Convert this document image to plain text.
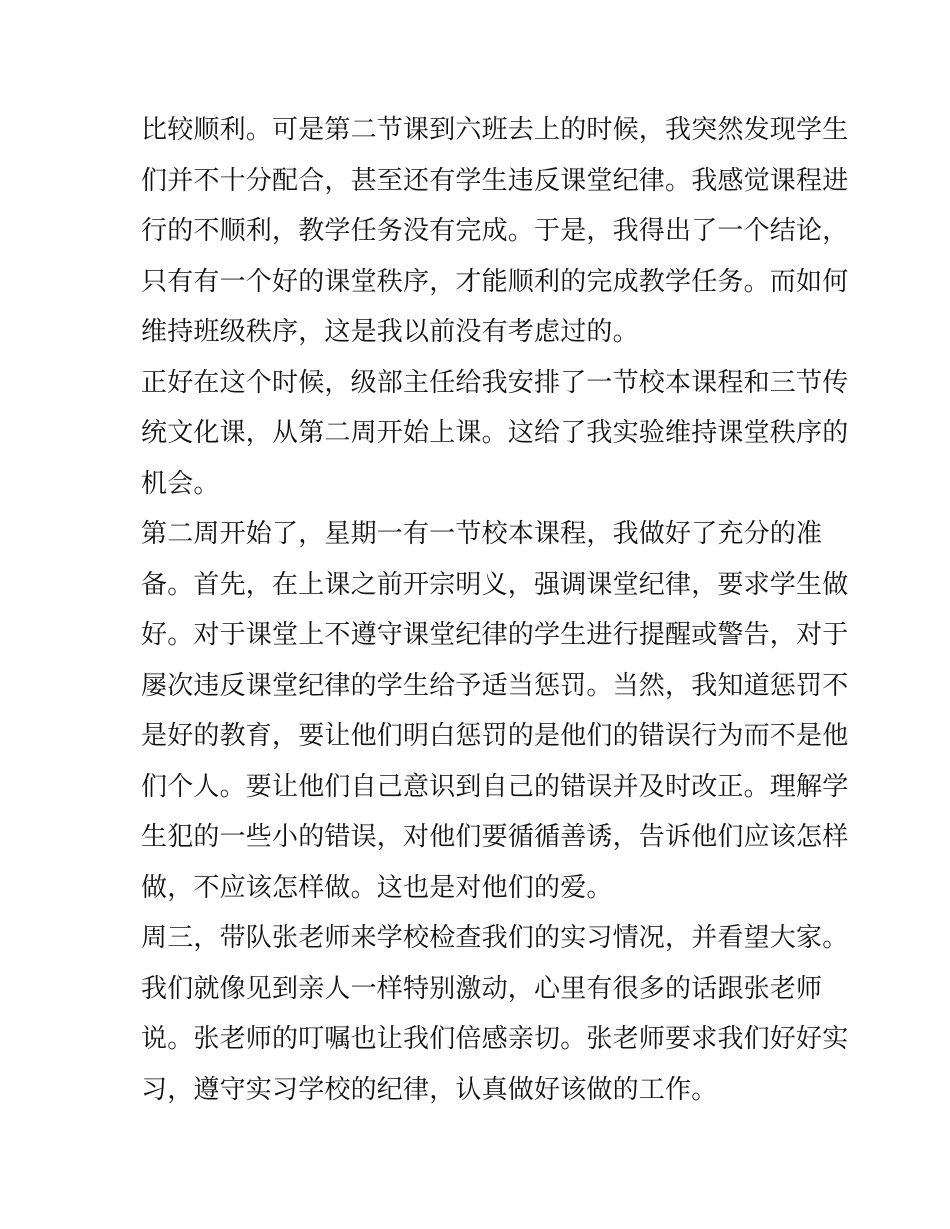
比较顺利。可是第二节课到六班去上的时候，我突然发现学生
们并不十分配合，甚至还有学生违反课堂纪律。我感觉课程进
行的不顺利，教学任务没有完成。于是，我得出了一个结论，
只有有一个好的课堂秩序，才能顺利的完成教学任务。而如何
维持班级秩序，这是我以前没有考虑过的。
正好在这个时候，级部主任给我安排了一节校本课程和三节传
统文化课，从第二周开始上课。这给了我实验维持课堂秩序的
机会。
第二周开始了，星期一有一节校本课程，我做好了充分的准
备。首先，在上课之前开宗明义，强调课堂纪律，要求学生做
好。对于课堂上不遵守课堂纪律的学生进行提醒或警告，对于
屡次违反课堂纪律的学生给予适当惩罚。当然，我知道惩罚不
是好的教育，要让他们明白惩罚的是他们的错误行为而不是他
们个人。要让他们自己意识到自己的错误并及时改正。理解学
生犯的一些小的错误，对他们要循循善诱，告诉他们应该怎样
做，不应该怎样做。这也是对他们的爱。
周三，带队张老师来学校检查我们的实习情况，并看望大家。
我们就像见到亲人一样特别激动，心里有很多的话跟张老师
说。张老师的叮嘱也让我们倍感亲切。张老师要求我们好好实
习，遵守实习学校的纪律，认真做好该做的工作。
